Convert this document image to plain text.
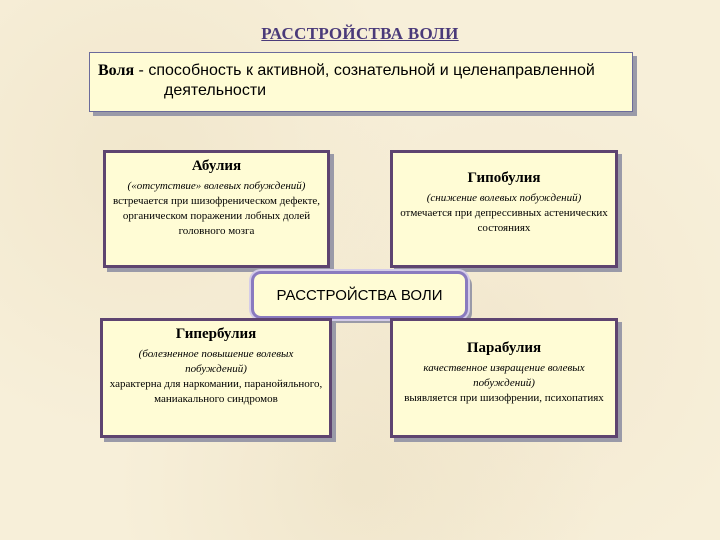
РАССТРОЙСТВА ВОЛИ
Воля - способность к активной, сознательной и целенаправленной
деятельности
Абулия
(«отсутствие» волевых побуждений)
встречается при шизофреническом дефекте, органическом поражении лобных долей головного мозга
Гипобулия
(снижение волевых побуждений)
отмечается при депрессивных астенических состояниях
РАССТРОЙСТВА ВОЛИ
Гипербулия
(болезненное повышение волевых побуждений)
характерна для наркомании, паранойяльного, маниакального синдромов
Парабулия
качественное извращение волевых побуждений)
выявляется при шизофрении, психопатиях
